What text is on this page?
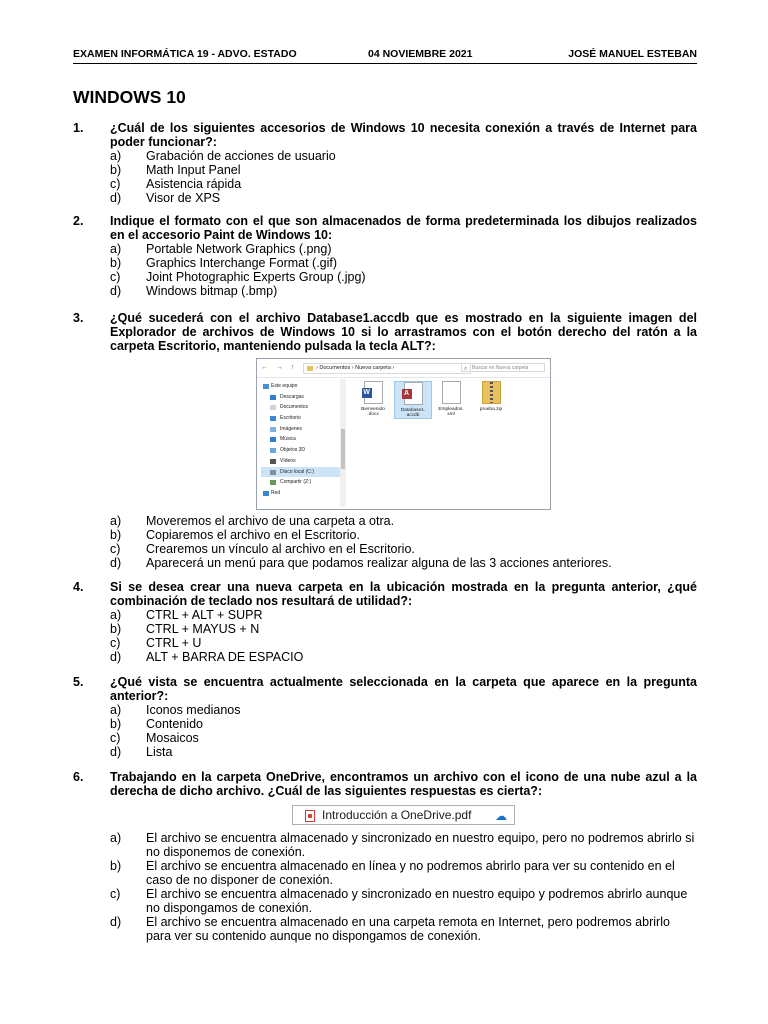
EXAMEN INFORMÁTICA 19 - ADVO. ESTADO	04 NOVIEMBRE 2021	JOSÉ MANUEL ESTEBAN
WINDOWS 10
1. ¿Cuál de los siguientes accesorios de Windows 10 necesita conexión a través de Internet para poder funcionar?:
a) Grabación de acciones de usuario
b) Math Input Panel
c) Asistencia rápida
d) Visor de XPS
2. Indique el formato con el que son almacenados de forma predeterminada los dibujos realizados en el accesorio Paint de Windows 10:
a) Portable Network Graphics (.png)
b) Graphics Interchange Format (.gif)
c) Joint Photographic Experts Group (.jpg)
d) Windows bitmap (.bmp)
3. ¿Qué sucederá con el archivo Database1.accdb que es mostrado en la siguiente imagen del Explorador de archivos de Windows 10 si lo arrastramos con el botón derecho del ratón a la carpeta Escritorio, manteniendo pulsada la tecla ALT?:
a) Moveremos el archivo de una carpeta a otra.
b) Copiaremos el archivo en el Escritorio.
c) Crearemos un vínculo al archivo en el Escritorio.
d) Aparecerá un menú para que podamos realizar alguna de las 3 acciones anteriores.
4. Si se desea crear una nueva carpeta en la ubicación mostrada en la pregunta anterior, ¿qué combinación de teclado nos resultará de utilidad?:
a) CTRL + ALT + SUPR
b) CTRL + MAYUS + N
c) CTRL + U
d) ALT + BARRA DE ESPACIO
5. ¿Qué vista se encuentra actualmente seleccionada en la carpeta que aparece en la pregunta anterior?:
a) Iconos medianos
b) Contenido
c) Mosaicos
d) Lista
6. Trabajando en la carpeta OneDrive, encontramos un archivo con el icono de una nube azul a la derecha de dicho archivo. ¿Cuál de las siguientes respuestas es cierta?:
a) El archivo se encuentra almacenado y sincronizado en nuestro equipo, pero no podremos abrirlo si no disponemos de conexión.
b) El archivo se encuentra almacenado en línea y no podremos abrirlo para ver su contenido en el caso de no disponer de conexión.
c) El archivo se encuentra almacenado y sincronizado en nuestro equipo y podremos abrirlo aunque no dispongamos de conexión.
d) El archivo se encuentra almacenado en una carpeta remota en Internet, pero podremos abrirlo para ver su contenido aunque no dispongamos de conexión.
← → ↑	› Documentos › Nueva carpeta ›	⌕ Buscar en Nueva carpeta
Este equipo
Descargas
Documentos
Escritorio
Imágenes
Música
Objetos 3D
Vídeos
Disco local (C:)
Compartir (Z:)
Red
W
Bienvenido
.docx
A
Database1.
accdb
Empleados.
xml
prueba.zip
Introducción a OneDrive.pdf ☁
